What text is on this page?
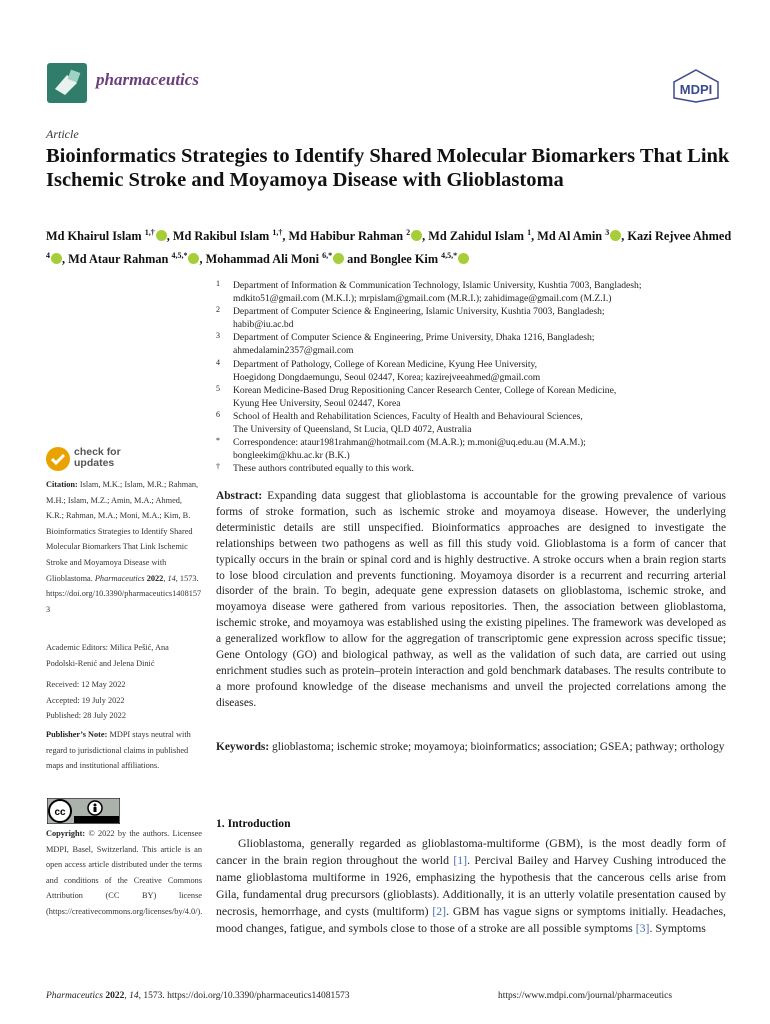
pharmaceutics
MDPI
Article
Bioinformatics Strategies to Identify Shared Molecular Biomarkers That Link Ischemic Stroke and Moyamoya Disease with Glioblastoma
Md Khairul Islam $^{1,\dagger}$ , Md Rakibul Islam $^{1,\dagger}$, Md Habibur Rahman $^2$ , Md Zahidul Islam $^1$, Md Al Amin $^3$ , Kazi Rejvee Ahmed $^4$ , Md Ataur Rahman $^{4,5,*}$ , Mohammad Ali Moni $^{6,*}$ and Bonglee Kim $^{4,5,*}$
1 Department of Information & Communication Technology, Islamic University, Kushtia 7003, Bangladesh;
mdkito51@gmail.com (M.K.I.); mrpislam@gmail.com (M.R.I.); zahidimage@gmail.com (M.Z.I.)
2 Department of Computer Science & Engineering, Islamic University, Kushtia 7003, Bangladesh;
habib@iu.ac.bd
3 Department of Computer Science & Engineering, Prime University, Dhaka 1216, Bangladesh;
ahmedalamin2357@gmail.com
4 Department of Pathology, College of Korean Medicine, Kyung Hee University,
Hoegidong Dongdaemungu, Seoul 02447, Korea; kazirejveeahmed@gmail.com
5 Korean Medicine-Based Drug Repositioning Cancer Research Center, College of Korean Medicine,
Kyung Hee University, Seoul 02447, Korea
6 School of Health and Rehabilitation Sciences, Faculty of Health and Behavioural Sciences,
The University of Queensland, St Lucia, QLD 4072, Australia
* Correspondence: ataur1981rahman@hotmail.com (M.A.R.); m.moni@uq.edu.au (M.A.M.);
bongleekim@khu.ac.kr (B.K.)
† These authors contributed equally to this work.
check for
updates
Citation: Islam, M.K.; Islam, M.R.; Rahman, M.H.; Islam, M.Z.; Amin, M.A.; Ahmed, K.R.; Rahman, M.A.; Moni, M.A.; Kim, B. Bioinformatics Strategies to Identify Shared Molecular Biomarkers That Link Ischemic Stroke and Moyamoya Disease with Glioblastoma. Pharmaceutics 2022, 14, 1573. https://doi.org/10.3390/pharmaceutics14081573
Academic Editors: Milica Pešić, Ana Podolski-Renić and Jelena Dinić
Received: 12 May 2022
Accepted: 19 July 2022
Published: 28 July 2022
Publisher’s Note: MDPI stays neutral with regard to jurisdictional claims in published maps and institutional affiliations.
cc
Copyright: © 2022 by the authors. Licensee MDPI, Basel, Switzerland. This article is an open access article distributed under the terms and conditions of the Creative Commons Attribution (CC BY) license (https://creativecommons.org/licenses/by/4.0/).
Abstract: Expanding data suggest that glioblastoma is accountable for the growing prevalence of various forms of stroke formation, such as ischemic stroke and moyamoya disease. However, the underlying deterministic details are still unspecified. Bioinformatics approaches are designed to investigate the relationships between two pathogens as well as fill this study void. Glioblastoma is a form of cancer that typically occurs in the brain or spinal cord and is highly destructive. A stroke occurs when a brain region starts to lose blood circulation and prevents functioning. Moyamoya disorder is a recurrent and recurring arterial disorder of the brain. To begin, adequate gene expression datasets on glioblastoma, ischemic stroke, and moyamoya disease were gathered from various repositories. Then, the association between glioblastoma, ischemic stroke, and moyamoya was established using the existing pipelines. The framework was developed as a generalized workflow to allow for the aggregation of transcriptomic gene expression across specific tissue; Gene Ontology (GO) and biological pathway, as well as the validation of such data, are carried out using enrichment studies such as protein–protein interaction and gold benchmark databases. The results contribute to a more profound knowledge of the disease mechanisms and unveil the projected correlations among the diseases.
Keywords: glioblastoma; ischemic stroke; moyamoya; bioinformatics; association; GSEA; pathway; orthology
1. Introduction
Glioblastoma, generally regarded as glioblastoma-multiforme (GBM), is the most deadly form of cancer in the brain region throughout the world [1]. Percival Bailey and Harvey Cushing introduced the name glioblastoma multiforme in 1926, emphasizing the hypothesis that the cancerous cells arise from Gila, fundamental drug precursors (glioblasts). Additionally, it is an utterly volatile presentation caused by necrosis, hemorrhage, and cysts (multiform) [2]. GBM has vague signs or symptoms initially. Headaches, mood changes, fatigue, and symbols close to those of a stroke are all possible symptoms [3]. Symptoms
Pharmaceutics 2022, 14, 1573. https://doi.org/10.3390/pharmaceutics14081573	https://www.mdpi.com/journal/pharmaceutics
